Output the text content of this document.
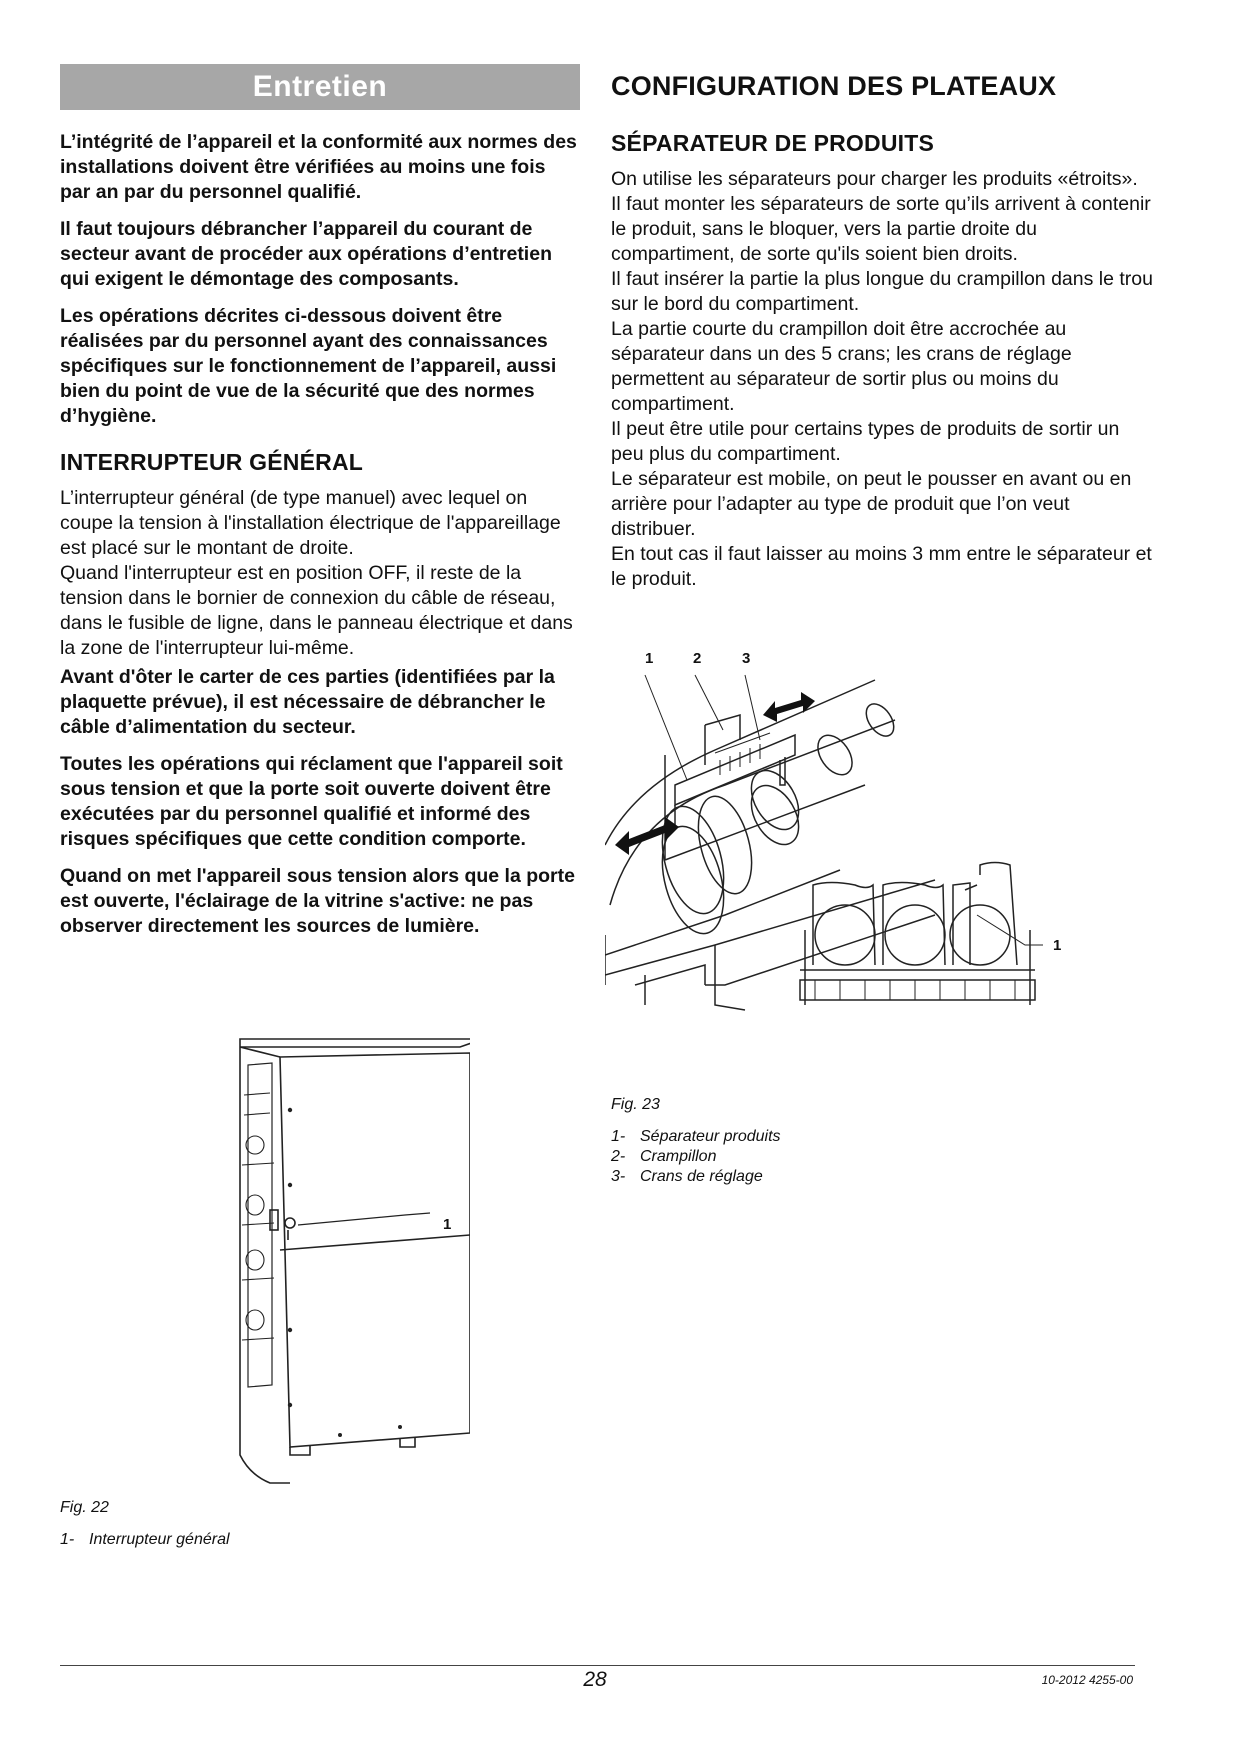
Entretien

L’intégrité de l’appareil et la conformité aux normes des installations doivent être vérifiées au moins une fois par an par du personnel qualifié.

Il faut toujours débrancher l’appareil du courant de secteur avant de procéder aux opérations d’entretien qui exigent le démontage des composants.

Les opérations décrites ci-dessous doivent être réalisées par du personnel ayant des connaissances spécifiques sur le fonctionnement de l’appareil, aussi bien du point de vue de la sécurité que des normes d’hygiène.

INTERRUPTEUR GÉNÉRAL

L’interrupteur général (de type manuel) avec lequel on coupe la tension à l'installation électrique de l'appareillage est placé sur le montant de droite.

Quand l'interrupteur est en position OFF, il reste de la tension dans le bornier de connexion du câble de réseau, dans le fusible de ligne, dans le panneau électrique et dans la zone de l'interrupteur lui-même.

Avant d'ôter le carter de ces parties (identifiées par la plaquette prévue), il est nécessaire de débrancher le câble d’alimentation du secteur.

Toutes les opérations qui réclament que l'appareil soit sous tension et que la porte soit ouverte doivent être exécutées par du personnel qualifié et informé des risques spécifiques que cette condition comporte.

Quand on met l'appareil sous tension alors que la porte est ouverte, l'éclairage de la vitrine s'active: ne pas observer directement les sources de lumière.

1
Fig. 22
1- Interrupteur général
CONFIGURATION DES PLATEAUX
SÉPARATEUR DE PRODUITS

On utilise les séparateurs pour charger les produits «étroits».

Il faut monter les séparateurs de sorte qu’ils arrivent à contenir le produit, sans le bloquer, vers la partie droite du compartiment, de sorte qu'ils soient bien droits.

Il faut insérer la partie la plus longue du crampillon dans le trou sur le bord du compartiment.

La partie courte du crampillon doit être accrochée au séparateur dans un des 5 crans; les crans de réglage permettent au séparateur de sortir plus ou moins du compartiment.

Il peut être utile pour certains types de produits de sortir un peu plus du compartiment.

Le séparateur est mobile, on peut le pousser en avant ou en arrière pour l’adapter au type de produit que l’on veut distribuer.

En tout cas il faut laisser au moins 3 mm entre le séparateur et le produit.

1	2	3
1
Fig. 23
1- Séparateur produits
2- Crampillon
3- Crans de réglage
28	10-2012 4255-00
